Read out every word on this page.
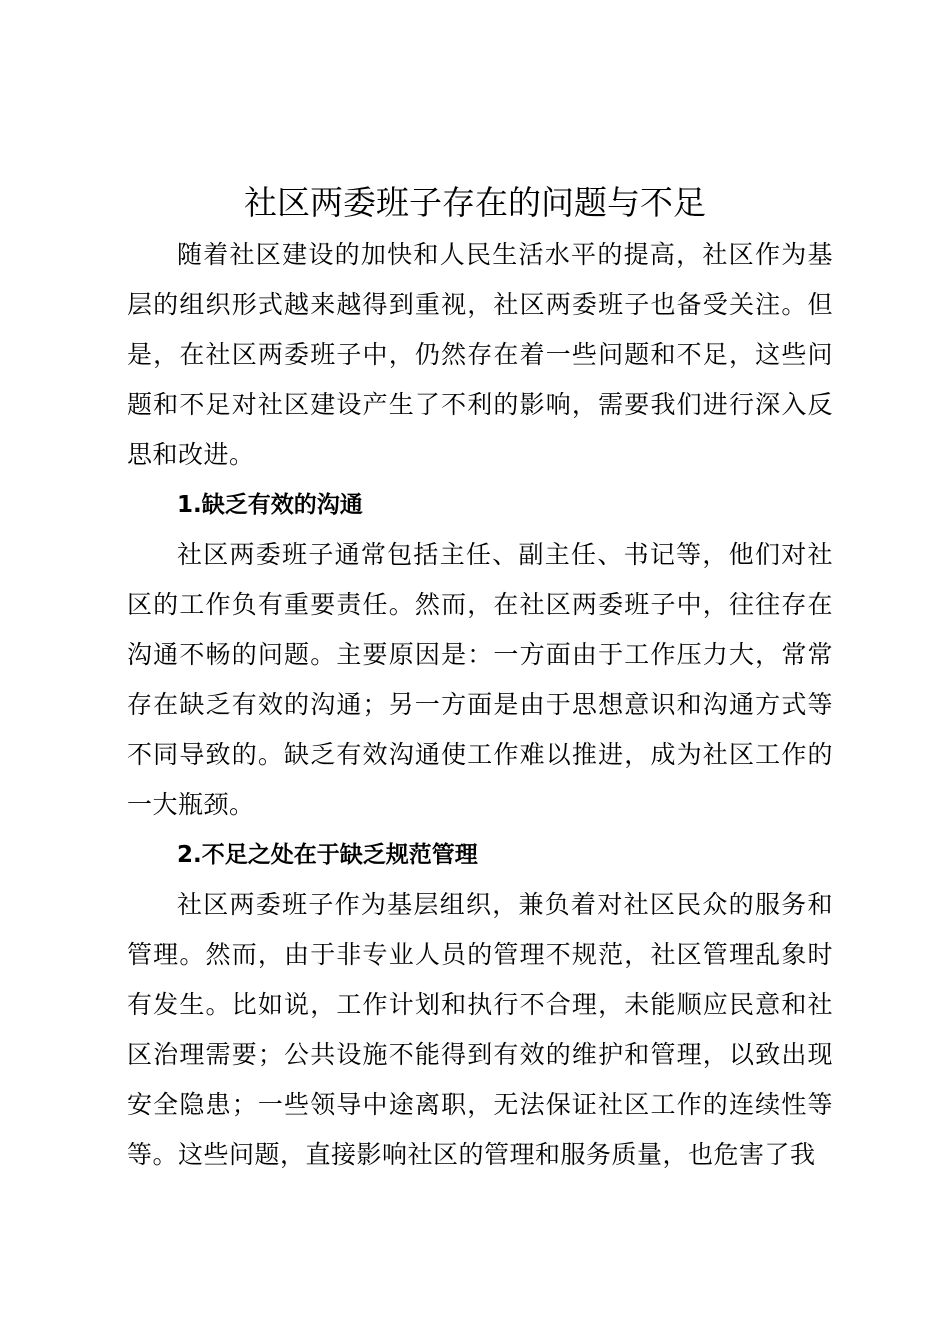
社区两委班子存在的问题与不足

随着社区建设的加快和人民生活水平的提高，社区作为基层的组织形式越来越得到重视，社区两委班子也备受关注。但是，在社区两委班子中，仍然存在着一些问题和不足，这些问题和不足对社区建设产生了不利的影响，需要我们进行深入反思和改进。

1.缺乏有效的沟通

社区两委班子通常包括主任、副主任、书记等，他们对社区的工作负有重要责任。然而，在社区两委班子中，往往存在沟通不畅的问题。主要原因是：一方面由于工作压力大，常常存在缺乏有效的沟通；另一方面是由于思想意识和沟通方式等不同导致的。缺乏有效沟通使工作难以推进，成为社区工作的一大瓶颈。

2.不足之处在于缺乏规范管理

社区两委班子作为基层组织，兼负着对社区民众的服务和管理。然而，由于非专业人员的管理不规范，社区管理乱象时有发生。比如说，工作计划和执行不合理，未能顺应民意和社区治理需要；公共设施不能得到有效的维护和管理，以致出现安全隐患；一些领导中途离职，无法保证社区工作的连续性等等。这些问题，直接影响社区的管理和服务质量，也危害了我
